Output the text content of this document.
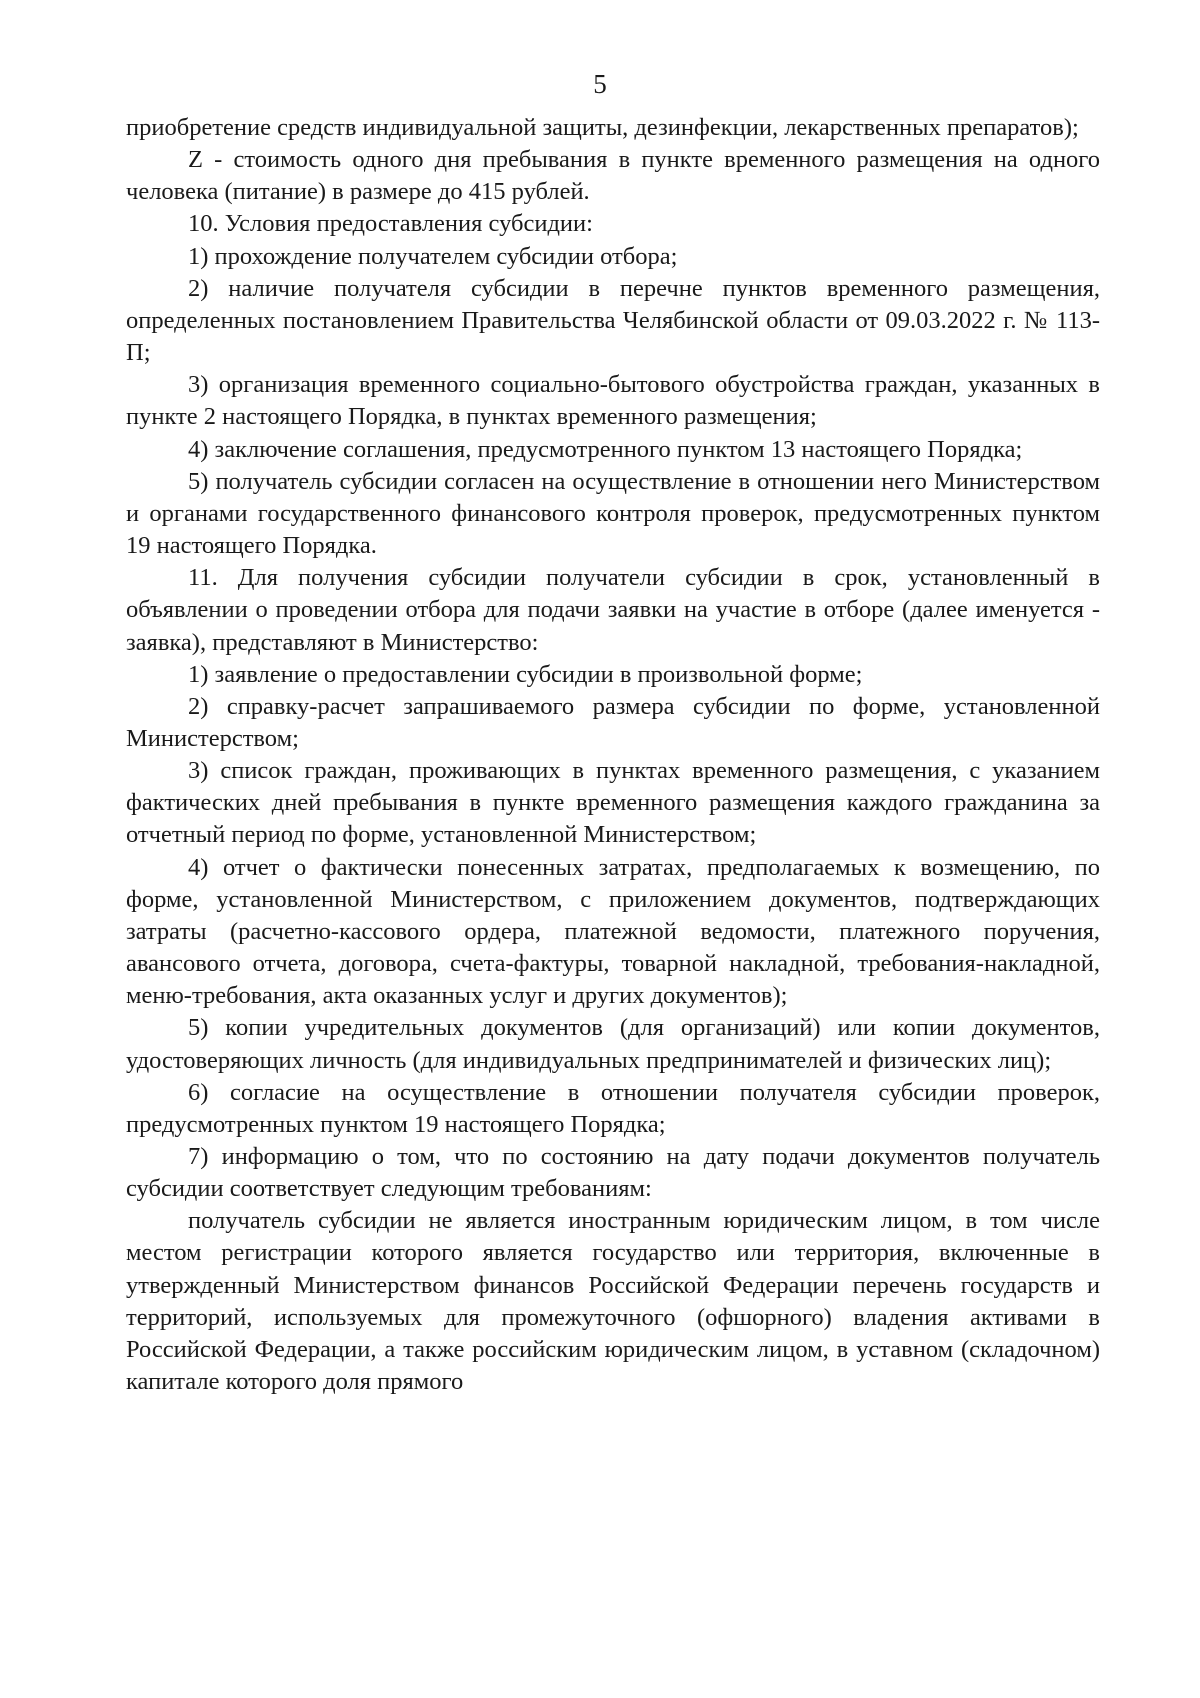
5

приобретение средств индивидуальной защиты, дезинфекции, лекарственных препаратов);

Z - стоимость одного дня пребывания в пункте временного размещения на одного человека (питание) в размере до 415 рублей.

10. Условия предоставления субсидии:

1) прохождение получателем субсидии отбора;

2) наличие получателя субсидии в перечне пунктов временного размещения, определенных постановлением Правительства Челябинской области от 09.03.2022 г. № 113-П;

3) организация временного социально-бытового обустройства граждан, указанных в пункте 2 настоящего Порядка, в пунктах временного размещения;

4) заключение соглашения, предусмотренного пунктом 13 настоящего Порядка;

5) получатель субсидии согласен на осуществление в отношении него Министерством и органами государственного финансового контроля проверок, предусмотренных пунктом 19 настоящего Порядка.

11. Для получения субсидии получатели субсидии в срок, установленный в объявлении о проведении отбора для подачи заявки на участие в отборе (далее именуется - заявка), представляют в Министерство:

1) заявление о предоставлении субсидии в произвольной форме;

2) справку-расчет запрашиваемого размера субсидии по форме, установленной Министерством;

3) список граждан, проживающих в пунктах временного размещения, с указанием фактических дней пребывания в пункте временного размещения каждого гражданина за отчетный период по форме, установленной Министерством;

4) отчет о фактически понесенных затратах, предполагаемых к возмещению, по форме, установленной Министерством, с приложением документов, подтверждающих затраты (расчетно-кассового ордера, платежной ведомости, платежного поручения, авансового отчета, договора, счета-фактуры, товарной накладной, требования-накладной, меню-требования, акта оказанных услуг и других документов);

5) копии учредительных документов (для организаций) или копии документов, удостоверяющих личность (для индивидуальных предпринимателей и физических лиц);

6) согласие на осуществление в отношении получателя субсидии проверок, предусмотренных пунктом 19 настоящего Порядка;

7) информацию о том, что по состоянию на дату подачи документов получатель субсидии соответствует следующим требованиям:

получатель субсидии не является иностранным юридическим лицом, в том числе местом регистрации которого является государство или территория, включенные в утвержденный Министерством финансов Российской Федерации перечень государств и территорий, используемых для промежуточного (офшорного) владения активами в Российской Федерации, а также российским юридическим лицом, в уставном (складочном) капитале которого доля прямого
